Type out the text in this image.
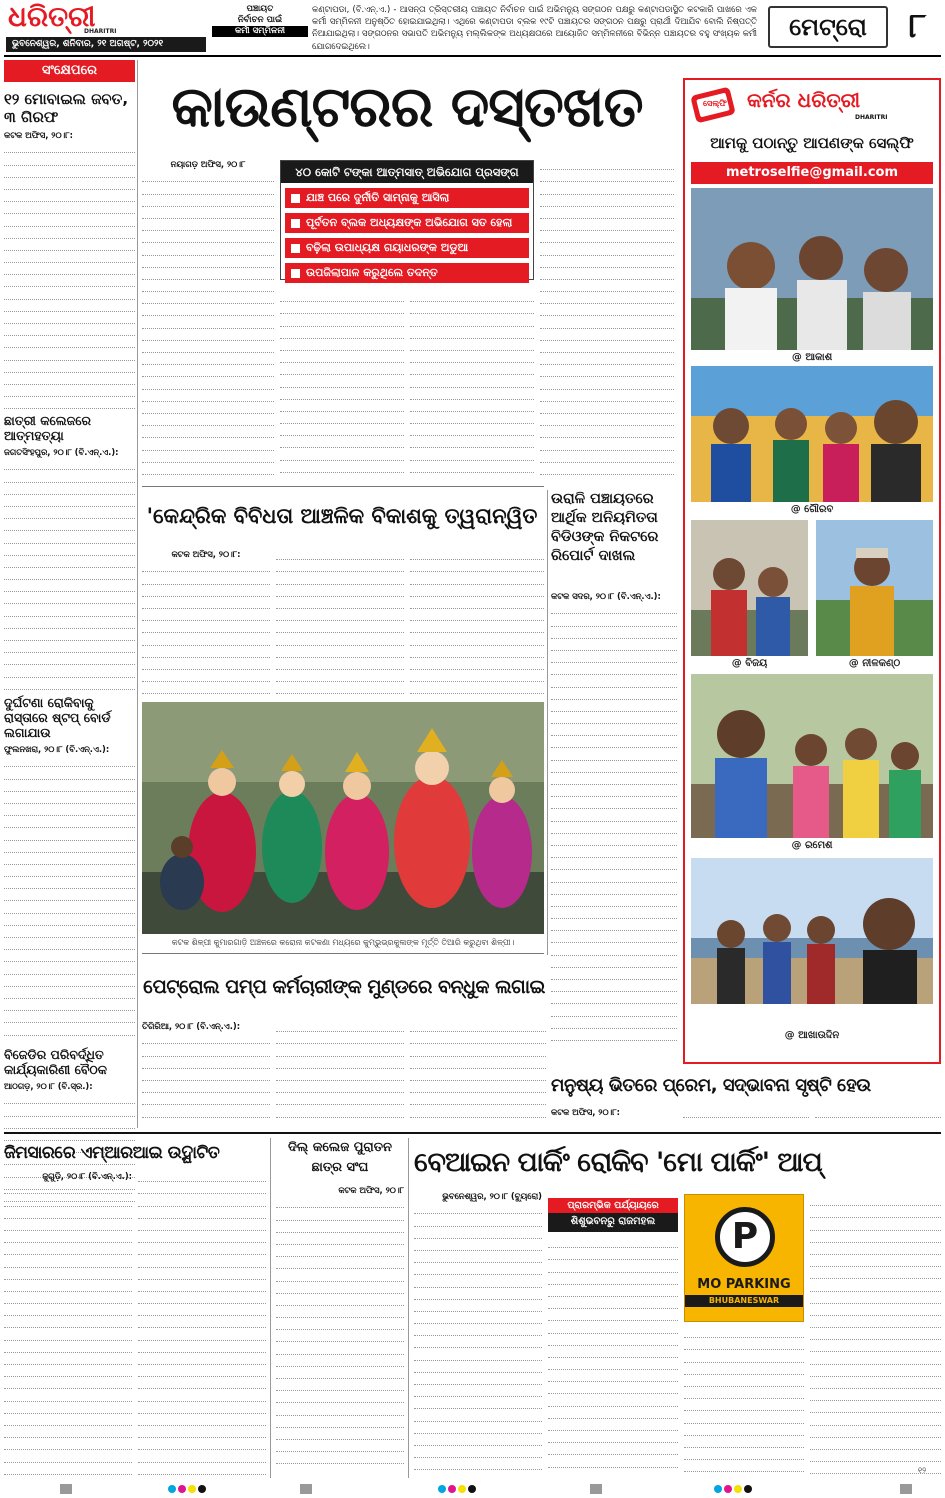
ଧରିତ୍ରୀ
DHARITRI
ଭୁବନେଶ୍ୱର, ଶନିବାର, ୨୧ ଅଗଷ୍ଟ, ୨୦୨୧
ପଞ୍ଚାୟତ
ନିର୍ବାଚନ ପାଇଁ
କର୍ମୀ ସମ୍ମିଳନୀ
କଣ୍ଟାପଡା, (ବି.ଏନ୍.ଏ.) - ଆସନ୍ତା ତ୍ରିସ୍ତରୀୟ ପଞ୍ଚାୟତ ନିର୍ବାଚନ ପାଇଁ ଅଭିମନ୍ୟୁ ସଙ୍ଗଠନ ପକ୍ଷରୁ କଣ୍ଟାପଡାସ୍ଥିତ କଟକାରି ପାଖରେ ଏକ କର୍ମୀ ସମ୍ମିଳନୀ ଅନୁଷ୍ଠିତ ହୋଇଯାଇଥିଲା। ଏଥିରେ କଣ୍ଟାପଡା ବ୍ଲକ ୧୯ଟି ପଞ୍ଚାୟତର ସଙ୍ଗଠନ ପକ୍ଷରୁ ପ୍ରାର୍ଥୀ ଦିଆଯିବ ବୋଲି ନିଷ୍ପତ୍ତି ନିଆଯାଇଥିଲା। ସଙ୍ଗଠନର ସଭାପତି ଅଭିମନ୍ୟୁ ମଲ୍ଲିକଙ୍କ ଅଧ୍ୟକ୍ଷତାରେ ଆୟୋଜିତ ସମ୍ମିଳନୀରେ ବିଭିନ୍ନ ପଞ୍ଚାୟତର ବହୁ ସଂଖ୍ୟକ କର୍ମୀ ଯୋଗଦେଇଥିଲେ।
ମେଟ୍ରୋ	୮
ସଂକ୍ଷେପରେ
୧୨ ମୋବାଇଲ ଜବତ, ୩ ଗିରଫ
କଟକ ଅଫିସ, ୨୦।୮:
ଛାତ୍ରୀ କଲେଜରେ ଆତ୍ମହତ୍ୟା
ଜଗତସିଂହପୁର, ୨୦।୮ (ବି.ଏନ୍.ଏ.):
ଦୁର୍ଘଟଣା ରୋକିବାକୁ ରାସ୍ତାରେ ଷ୍ଟପ୍ ବୋର୍ଡ ଲଗାଯାଉ
ଫୁଲନଖରା, ୨୦।୮ (ବି.ଏନ୍.ଏ.):
ବିଜେଡିର ପରିବର୍ଦ୍ଧିତ କାର୍ଯ୍ୟକାରିଣୀ ବୈଠକ
ଆଠଗଡ଼, ୨୦।୮ (ବି.ସ୍ର.):
କାଉଣ୍ଟରର ଦସ୍ତଖତ
ନୟାଗଡ଼ ଅଫିସ, ୨୦।୮
୪୦ କୋଟି ଟଙ୍କା ଆତ୍ମସାତ୍ ଅଭିଯୋଗ ପ୍ରସଙ୍ଗ
ଯାଞ୍ଚ ପରେ ଦୁର୍ନୀତି ସାମ୍ନାକୁ ଆସିଲା
ପୂର୍ବତନ ବ୍ଲକ ଅଧ୍ୟକ୍ଷଙ୍କ ଅଭିଯୋଗ ସତ ହେଲା
ବଢ଼ିଲା ଉପାଧ୍ୟକ୍ଷ ଗୟାଧରଙ୍କ ଅଡୁଆ
ଉପଜିଲାପାଳ କରୁଥିଲେ ତଦନ୍ତ
'କେନ୍ଦ୍ରିକ ବିବିଧତା ଆଞ୍ଚଳିକ ବିକାଶକୁ ତ୍ୱରାନ୍ୱିତ
କଟକ ଅଫିସ, ୨୦।୮:
କଟକ ଶିଳ୍ପୀ କୁମାରଗାଡ଼ି ଅଞ୍ଚଳରେ କରୋନା କଟକଣା ମଧ୍ୟରେ କୁମ୍ଭୁଭ୍ରକୁଳାଙ୍କ ମୂର୍ତ୍ତି ତିଆରି କରୁଥିବା ଶିଳ୍ପୀ।
ଉରାଳି ପଞ୍ଚାୟତରେ ଆର୍ଥିକ ଅନିୟମିତତା ବିଡିଓଙ୍କ ନିକଟରେ ରିପୋର୍ଟ ଦାଖଲ
କଟକ ସଦର, ୨୦।୮ (ବି.ଏନ୍.ଏ.):
ପେଟ୍ରୋଲ ପମ୍ପ କର୍ମଚାରୀଙ୍କ ମୁଣ୍ଡରେ ବନ୍ଧୁକ ଲଗାଇ
ତିଗିରିଆ, ୨୦।୮ (ବି.ଏନ୍.ଏ.):
ସେଲ୍ଫି କର୍ନର ଧରିତ୍ରୀ
DHARITRI
ଆମକୁ ପଠାନ୍ତୁ ଆପଣଙ୍କ ସେଲ୍ଫି
metroselfie@gmail.com
@ ଆକାଶ
@ ଗୌରବ
@ ବିଜୟ	@ ନୀଳକଣ୍ଠ
@ ରମେଶ
@ ଆଖାଉଦ୍ଦିନ
ମନୁଷ୍ୟ ଭିତରେ ପ୍ରେମ, ସଦ୍ଭାବନା ସୃଷ୍ଟି ହେଉ
କଟକ ଅଫିସ, ୨୦।୮:
ଜିମସାରରେ ଏମ୍ଆରଆଇ ଉଦ୍ଘାଟିତ
ଜୁଗୁଡ଼ି, ୨୦।୮ (ବି.ଏନ୍.ଏ.):
ଦିଲ୍ କଲେଜ ପୁରାତନ ଛାତ୍ର ସଂଘ
କଟକ ଅଫିସ, ୨୦।୮
ବେଆଇନ ପାର୍କିଂ ରୋକିବ 'ମୋ ପାର୍କିଂ' ଆପ୍
ଭୁବନେଶ୍ୱର, ୨୦।୮ (ବ୍ୟୁରୋ)
ପ୍ରାରମ୍ଭିକ ପର୍ଯ୍ୟାୟରେ
ଶିଶୁଭବନରୁ ରାଜମହଲ	P
MO PARKING
BHUBANESWAR
୧୨
